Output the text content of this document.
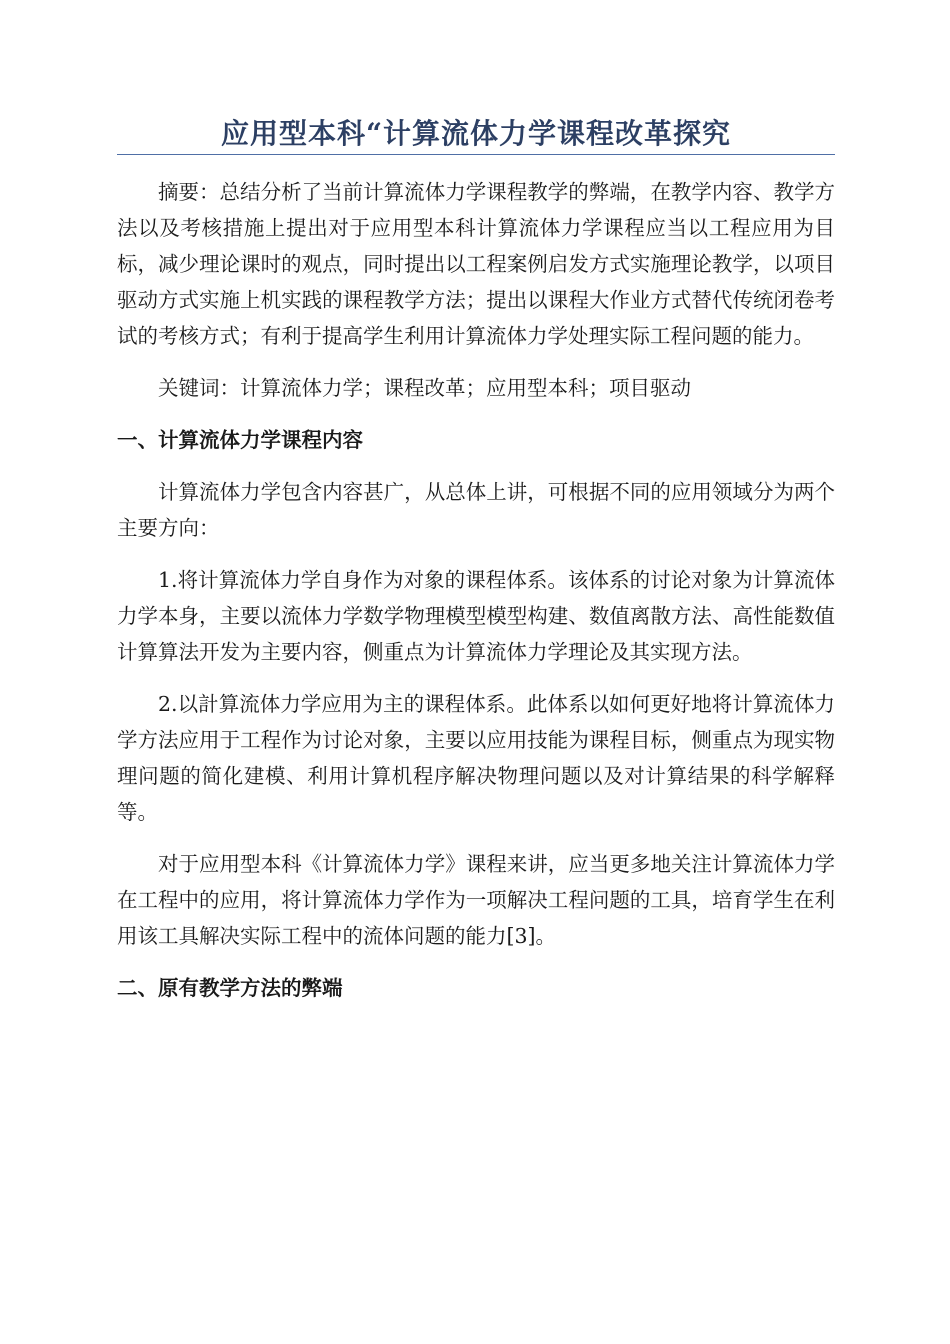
应用型本科“计算流体力学课程改革探究

摘要：总结分析了当前计算流体力学课程教学的弊端，在教学内容、教学方法以及考核措施上提出对于应用型本科计算流体力学课程应当以工程应用为目标，减少理论课时的观点，同时提出以工程案例启发方式实施理论教学，以项目驱动方式实施上机实践的课程教学方法；提出以课程大作业方式替代传统闭卷考试的考核方式；有利于提高学生利用计算流体力学处理实际工程问题的能力。

关键词：计算流体力学；课程改革；应用型本科；项目驱动

一、计算流体力学课程内容

计算流体力学包含内容甚广，从总体上讲，可根据不同的应用领域分为两个主要方向：

1.将计算流体力学自身作为对象的课程体系。该体系的讨论对象为计算流体力学本身，主要以流体力学数学物理模型模型构建、数值离散方法、高性能数值计算算法开发为主要内容，侧重点为计算流体力学理论及其实现方法。

2.以計算流体力学应用为主的课程体系。此体系以如何更好地将计算流体力学方法应用于工程作为讨论对象，主要以应用技能为课程目标，侧重点为现实物理问题的简化建模、利用计算机程序解决物理问题以及对计算结果的科学解释等。

对于应用型本科《计算流体力学》课程来讲，应当更多地关注计算流体力学在工程中的应用，将计算流体力学作为一项解决工程问题的工具，培育学生在利用该工具解决实际工程中的流体问题的能力[3]。

二、原有教学方法的弊端
